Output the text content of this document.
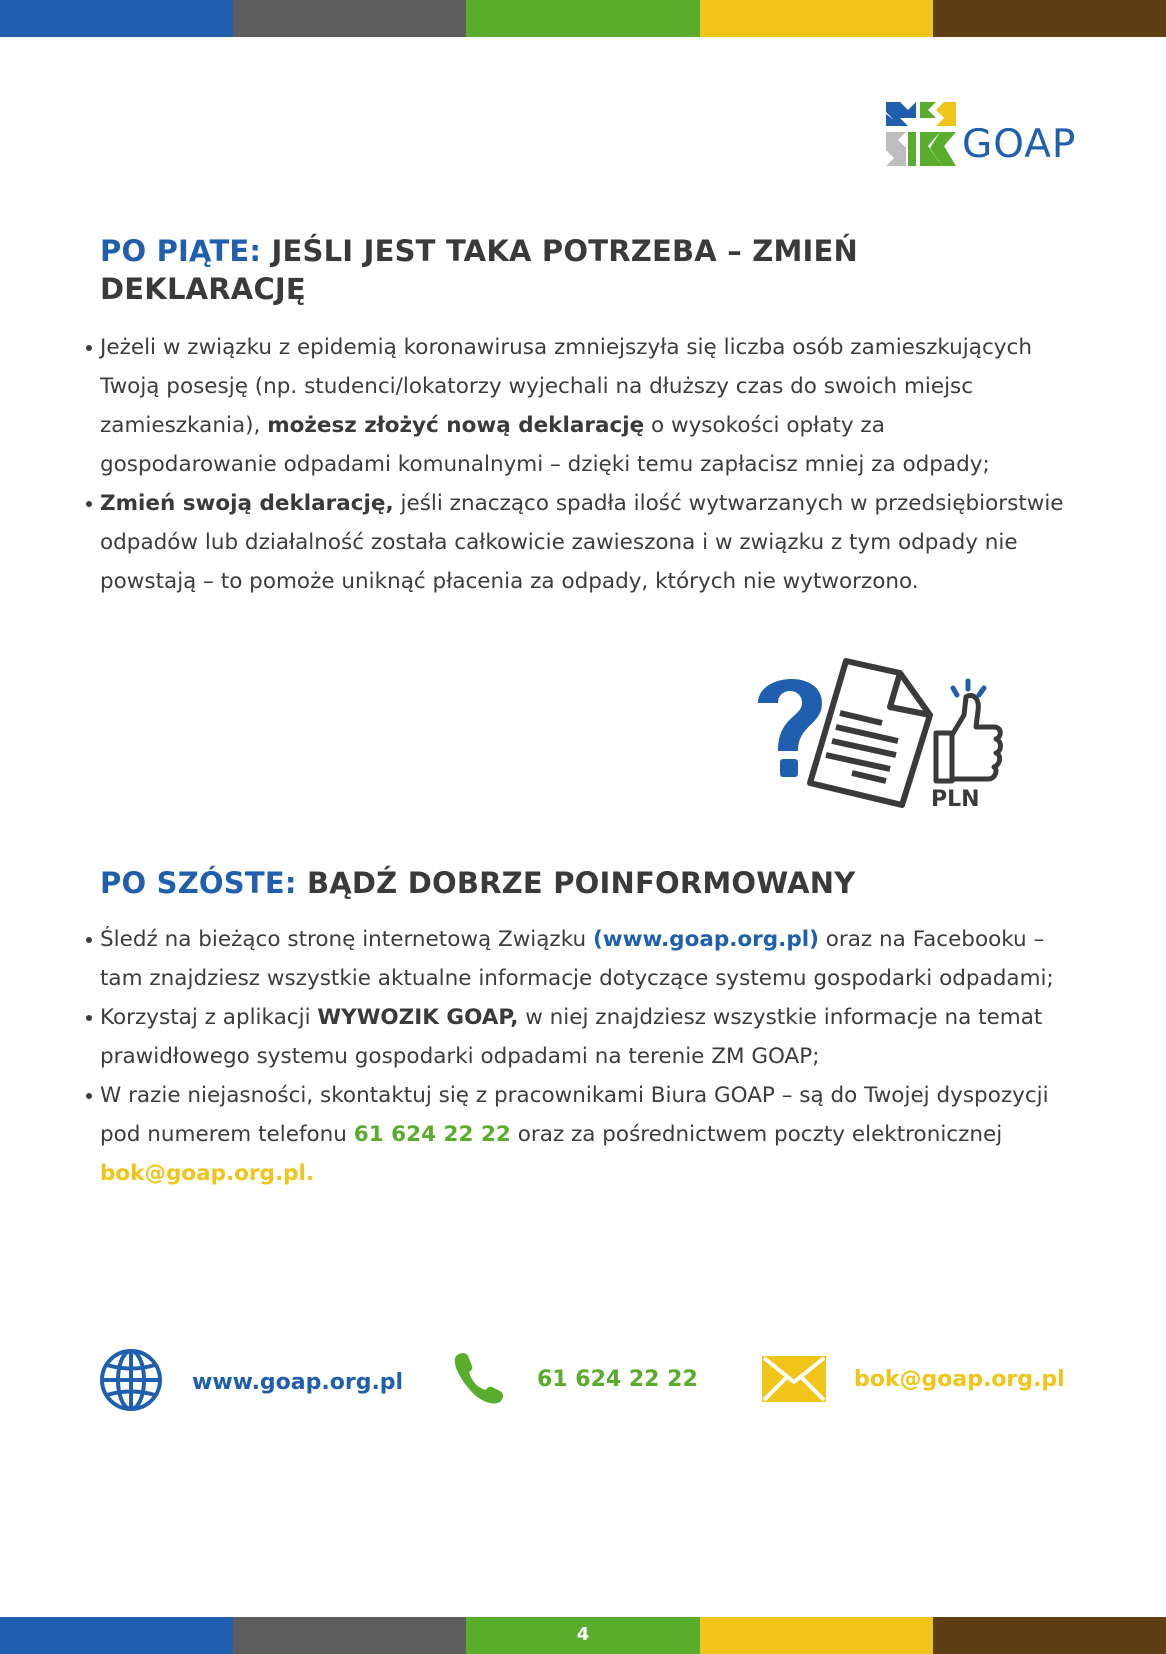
GOAP
PO PIĄTE: JEŚLI JEST TAKA POTRZEBA – ZMIEŃ DEKLARACJĘ
Jeżeli w związku z epidemią koronawirusa zmniejszyła się liczba osób zamieszkujących Twoją posesję (np. studenci/lokatorzy wyjechali na dłuższy czas do swoich miejsc zamieszkania), możesz złożyć nową deklarację o wysokości opłaty za gospodarowanie odpadami komunalnymi – dzięki temu zapłacisz mniej za odpady;
Zmień swoją deklarację, jeśli znacząco spadła ilość wytwarzanych w przedsiębiorstwie odpadów lub działalność została całkowicie zawieszona i w związku z tym odpady nie powstają – to pomoże uniknąć płacenia za odpady, których nie wytworzono.
PLN
PO SZÓSTE: BĄDŹ DOBRZE POINFORMOWANY
Śledź na bieżąco stronę internetową Związku (www.goap.org.pl) oraz na Facebooku – tam znajdziesz wszystkie aktualne informacje dotyczące systemu gospodarki odpadami;
Korzystaj z aplikacji WYWOZIK GOAP, w niej znajdziesz wszystkie informacje na temat prawidłowego systemu gospodarki odpadami na terenie ZM GOAP;
W razie niejasności, skontaktuj się z pracownikami Biura GOAP – są do Twojej dyspozycji pod numerem telefonu 61 624 22 22 oraz za pośrednictwem poczty elektronicznej bok@goap.org.pl.
www.goap.org.pl	61 624 22 22	bok@goap.org.pl
4
